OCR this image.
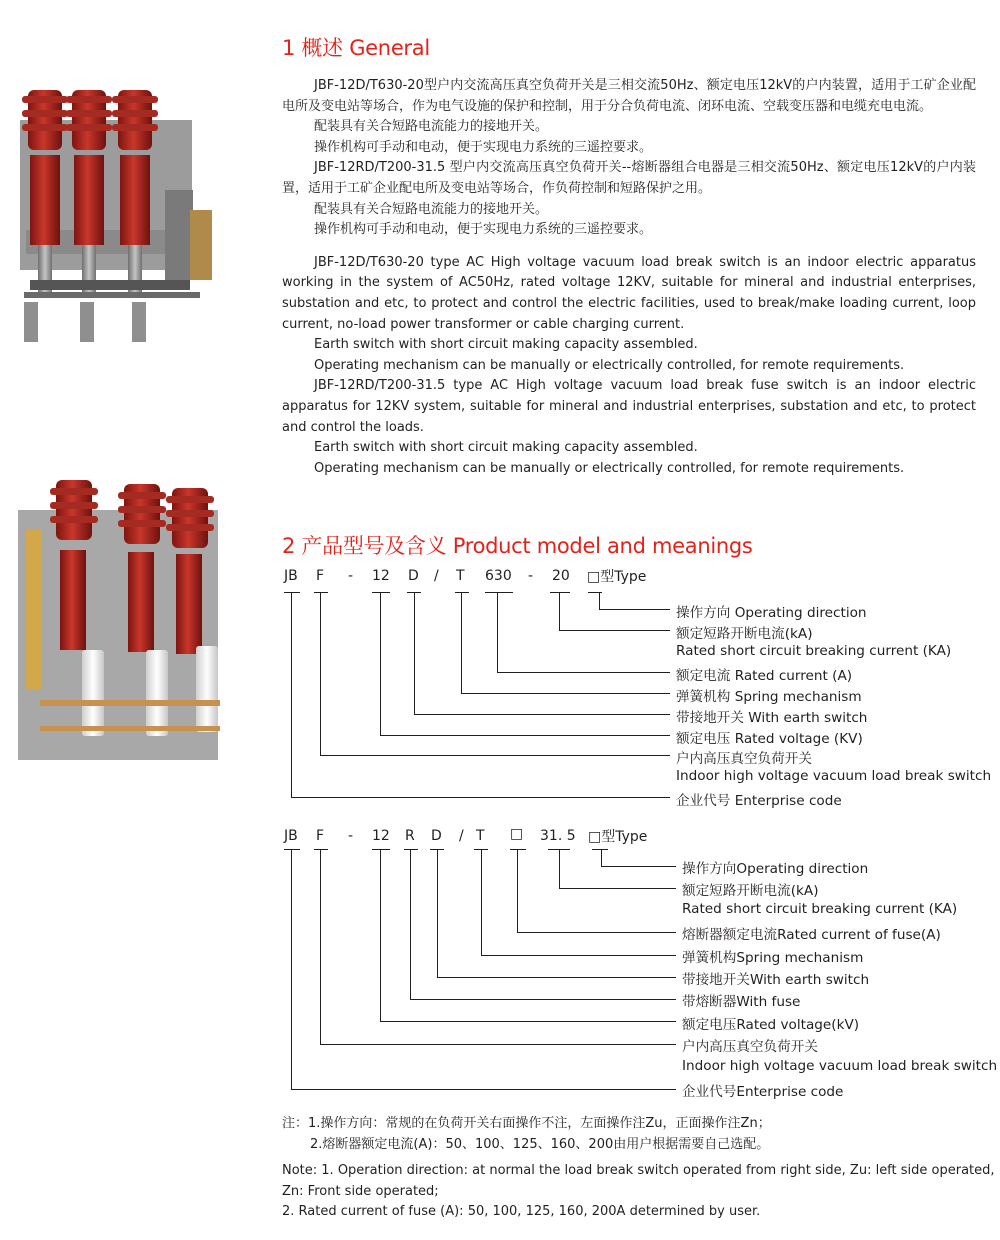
1 概述 General

JBF-12D/T630-20型户内交流高压真空负荷开关是三相交流50Hz、额定电压12kV的户内装置，适用于工矿企业配电所及变电站等场合，作为电气设施的保护和控制，用于分合负荷电流、闭环电流、空载变压器和电缆充电电流。

配装具有关合短路电流能力的接地开关。

操作机构可手动和电动，便于实现电力系统的三遥控要求。

JBF-12RD/T200-31.5 型户内交流高压真空负荷开关--熔断器组合电器是三相交流50Hz、额定电压12kV的户内装置，适用于工矿企业配电所及变电站等场合，作负荷控制和短路保护之用。

配装具有关合短路电流能力的接地开关。

操作机构可手动和电动，便于实现电力系统的三遥控要求。

JBF-12D/T630-20 type AC High voltage vacuum load break switch is an indoor electric apparatus working in the system of AC50Hz, rated voltage 12KV, suitable for mineral and industrial enterprises, substation and etc, to protect and control the electric facilities, used to break/make loading current, loop current, no-load power transformer or cable charging current.

Earth switch with short circuit making capacity assembled.

Operating mechanism can be manually or electrically controlled, for remote requirements.

JBF-12RD/T200-31.5 type AC High voltage vacuum load break fuse switch is an indoor electric apparatus for 12KV system, suitable for mineral and industrial enterprises, substation and etc, to protect and control the loads.

Earth switch with short circuit making capacity assembled.

Operating mechanism can be manually or electrically controlled, for remote requirements.

2 产品型号及含义 Product model and meanings
JB F - 12 D / T 630 - 20 □型Type
操作方向 Operating direction
额定短路开断电流(kA)
Rated short circuit breaking current (KA)
额定电流 Rated current (A)
弹簧机构 Spring mechanism
带接地开关 With earth switch
额定电压 Rated voltage (KV)
户内高压真空负荷开关
Indoor high voltage vacuum load break switch
企业代号 Enterprise code
JB F - 12 R D / T □ 31. 5 □型Type
操作方向Operating direction
额定短路开断电流(kA)
Rated short circuit breaking current (KA)
熔断器额定电流Rated current of fuse(A)
弹簧机构Spring mechanism
带接地开关With earth switch
带熔断器With fuse
额定电压Rated voltage(kV)
户内高压真空负荷开关
Indoor high voltage vacuum load break switch
企业代号Enterprise code

注：1.操作方向：常规的在负荷开关右面操作不注，左面操作注Zu，正面操作注Zn；

2.熔断器额定电流(A)：50、100、125、160、200由用户根据需要自己选配。

Note: 1. Operation direction: at normal the load break switch operated from right side, Zu: left side operated,

Zn: Front side operated;

2. Rated current of fuse (A): 50, 100, 125, 160, 200A determined by user.
